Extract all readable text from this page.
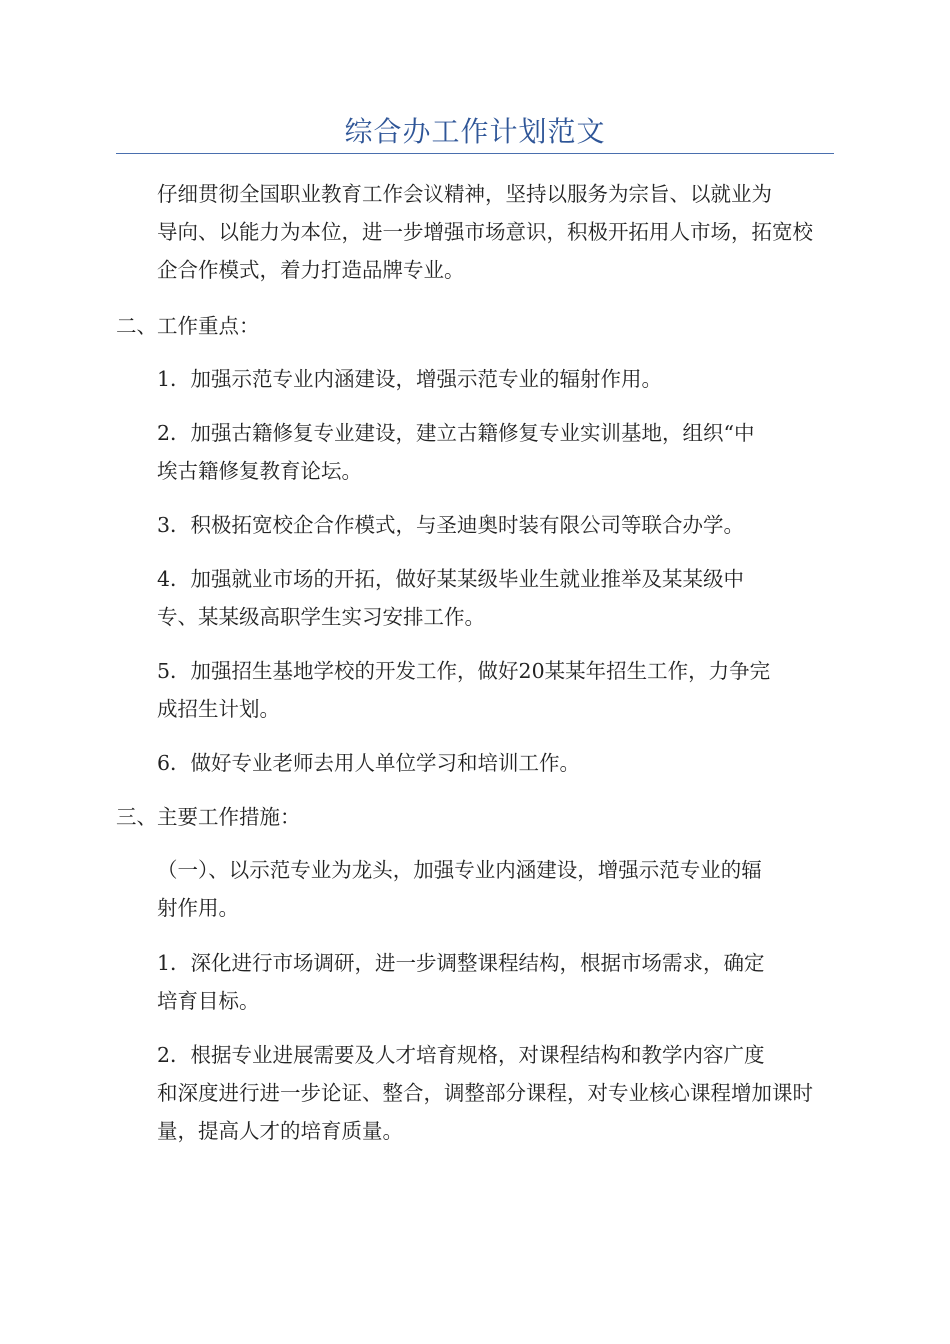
综合办工作计划范文

仔细贯彻全国职业教育工作会议精神，坚持以服务为宗旨、以就业为
导向、以能力为本位，进一步增强市场意识，积极开拓用人市场，拓宽校
企合作模式，着力打造品牌专业。

二、工作重点：

1．加强示范专业内涵建设，增强示范专业的辐射作用。

2．加强古籍修复专业建设，建立古籍修复专业实训基地，组织“中
埃古籍修复教育论坛。

3．积极拓宽校企合作模式，与圣迪奥时装有限公司等联合办学。

4．加强就业市场的开拓，做好某某级毕业生就业推举及某某级中
专、某某级高职学生实习安排工作。

5．加强招生基地学校的开发工作，做好20某某年招生工作，力争完
成招生计划。

6．做好专业老师去用人单位学习和培训工作。

三、主要工作措施：

（一）、以示范专业为龙头，加强专业内涵建设，增强示范专业的辐
射作用。

1．深化进行市场调研，进一步调整课程结构，根据市场需求，确定
培育目标。

2．根据专业进展需要及人才培育规格，对课程结构和教学内容广度
和深度进行进一步论证、整合，调整部分课程，对专业核心课程增加课时
量，提高人才的培育质量。
